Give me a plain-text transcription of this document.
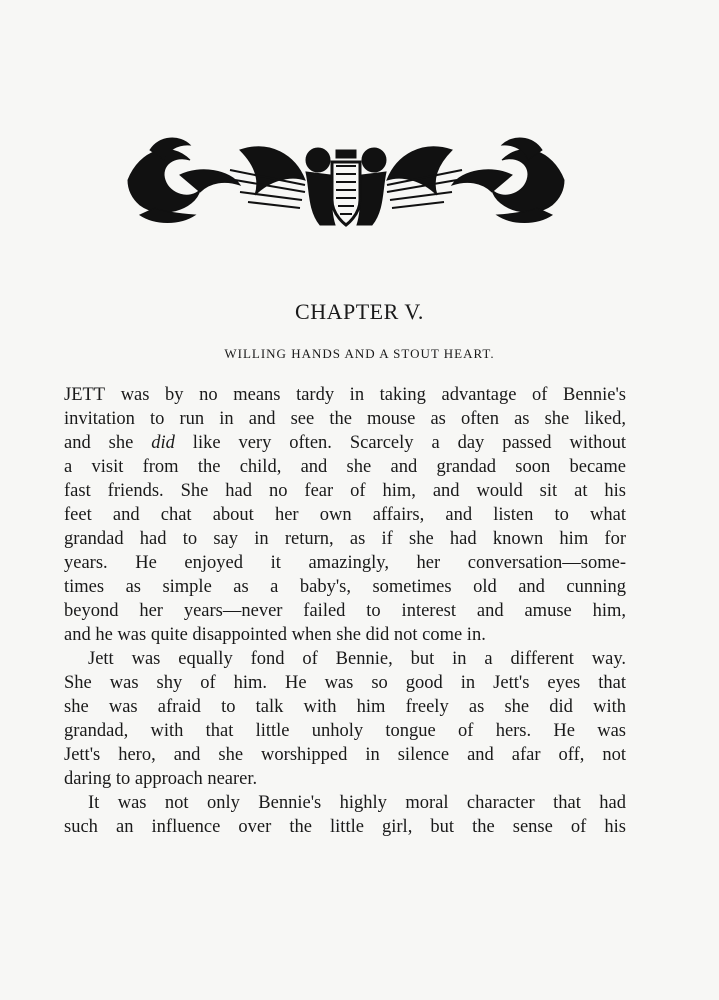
CHAPTER V.
WILLING HANDS AND A STOUT HEART.
JETT was by no means tardy in taking advantage of Bennie's
invitation to run in and see the mouse as often as she liked,
and she did like very often. Scarcely a day passed without
a visit from the child, and she and grandad soon became
fast friends. She had no fear of him, and would sit at his
feet and chat about her own affairs, and listen to what
grandad had to say in return, as if she had known him for
years. He enjoyed it amazingly, her conversation—some-
times as simple as a baby's, sometimes old and cunning
beyond her years—never failed to interest and amuse him,
and he was quite disappointed when she did not come in.
Jett was equally fond of Bennie, but in a different way.
She was shy of him. He was so good in Jett's eyes that
she was afraid to talk with him freely as she did with
grandad, with that little unholy tongue of hers. He was
Jett's hero, and she worshipped in silence and afar off, not
daring to approach nearer.
It was not only Bennie's highly moral character that had
such an influence over the little girl, but the sense of his
